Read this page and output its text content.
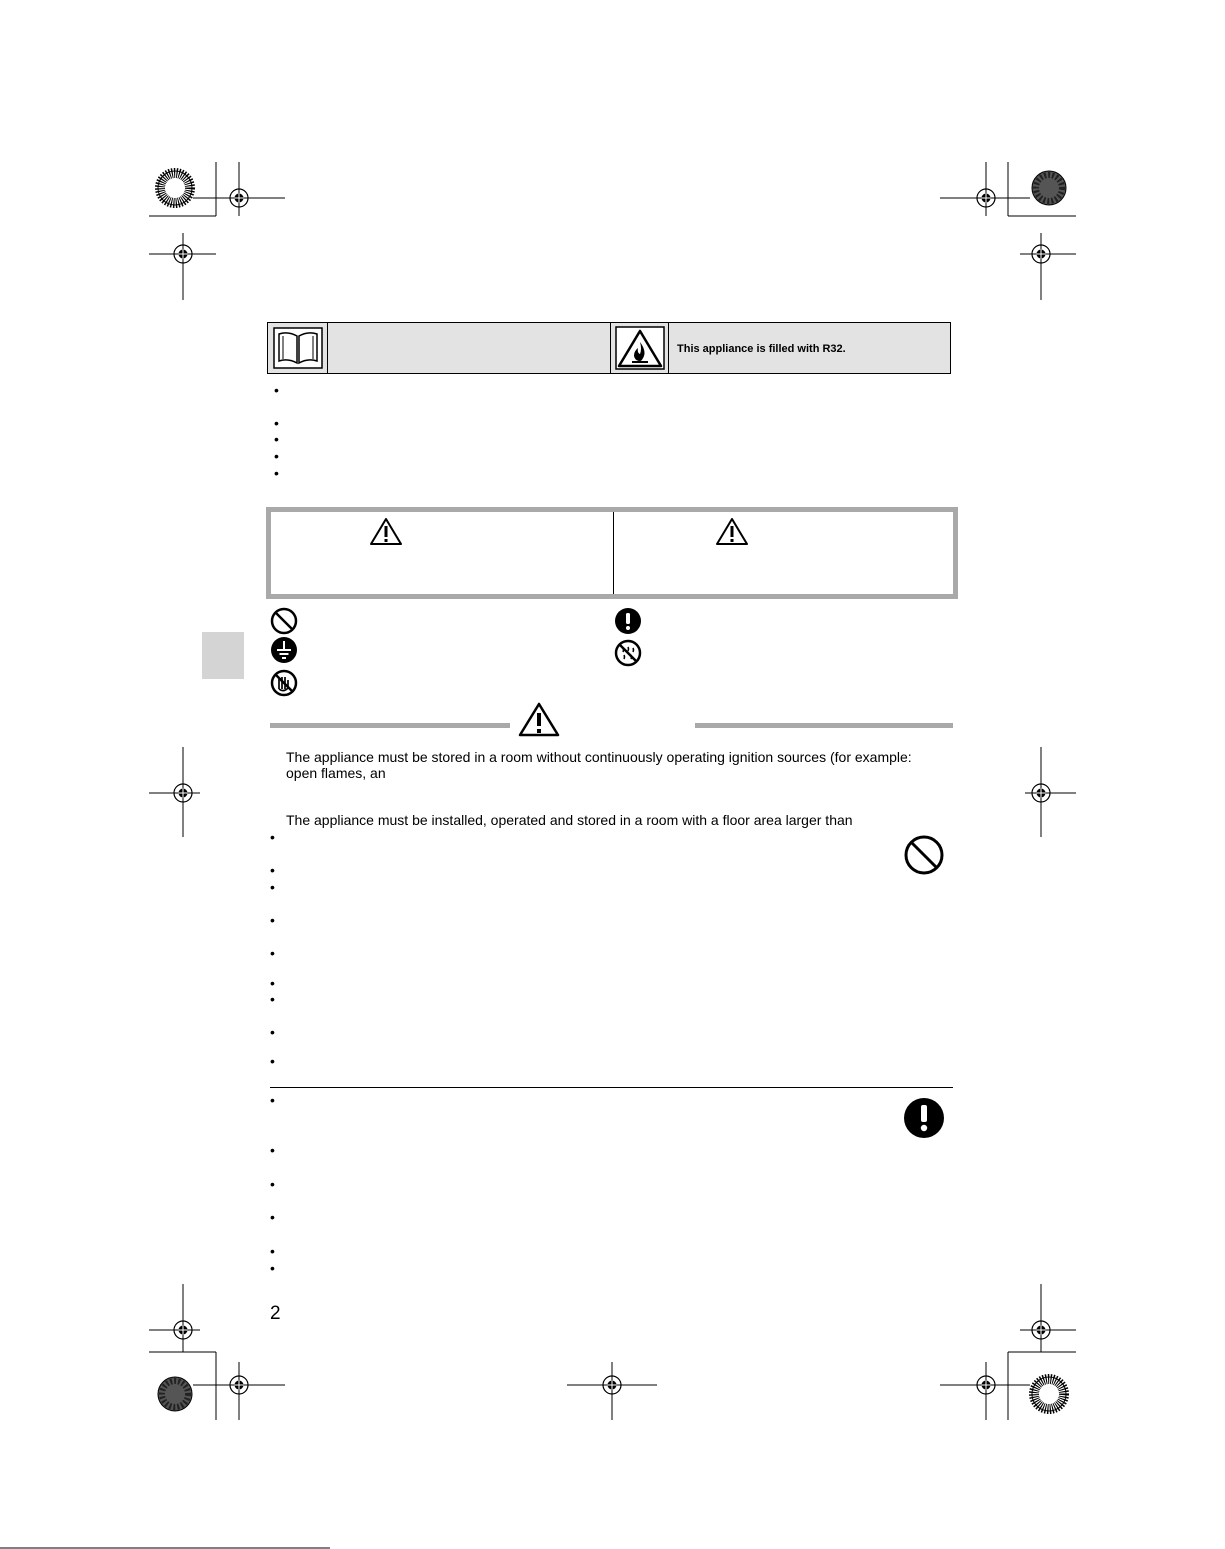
This appliance is filled with R32.
•
•
•
•
•
The appliance must be stored in a room without continuously operating ignition sources (for example:
open flames, an
The appliance must be installed, operated and stored in a room with a floor area larger than
•
•
•
•
•
•
•
•
•
•
•
•
•
•
•
2
